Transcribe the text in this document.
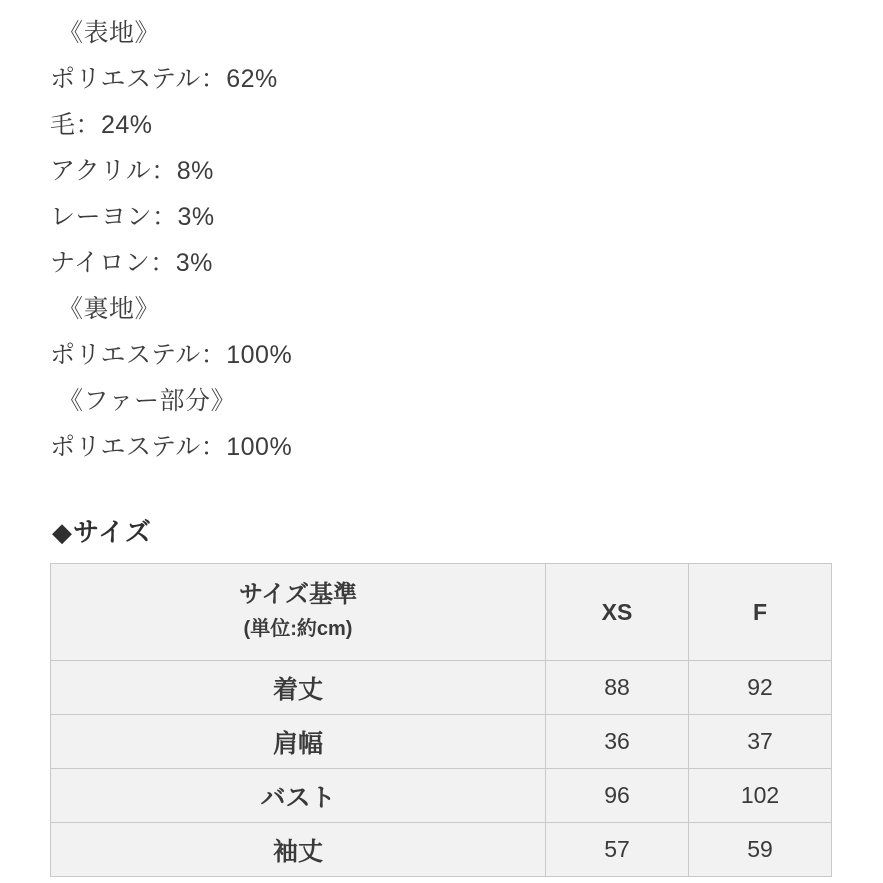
《表地》
ポリエステル：62%
毛：24%
アクリル：8%
レーヨン：3%
ナイロン：3%
《裏地》
ポリエステル：100%
《ファー部分》
ポリエステル：100%
◆サイズ
サイズ基準
(単位:約cm)	XS	F
着丈	88	92
肩幅	36	37
バスト	96	102
袖丈	57	59
